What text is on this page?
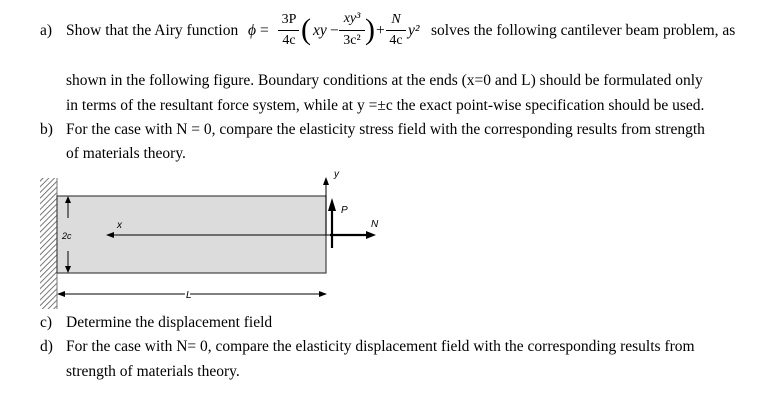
a) Show that the Airy function ϕ =
3P
4c ( xy −
xy³
3c² ) +
N
4c
y² solves the following cantilever beam problem, as
shown in the following figure. Boundary conditions at the ends (x=0 and L) should be formulated only
in terms of the resultant force system, while at y =±c the exact point-wise specification should be used.
b) For the case with N = 0, compare the elasticity stress field with the corresponding results from strength
of materials theory.
y
x
P
N
2c
L
c) Determine the displacement field
d) For the case with N= 0, compare the elasticity displacement field with the corresponding results from
strength of materials theory.
